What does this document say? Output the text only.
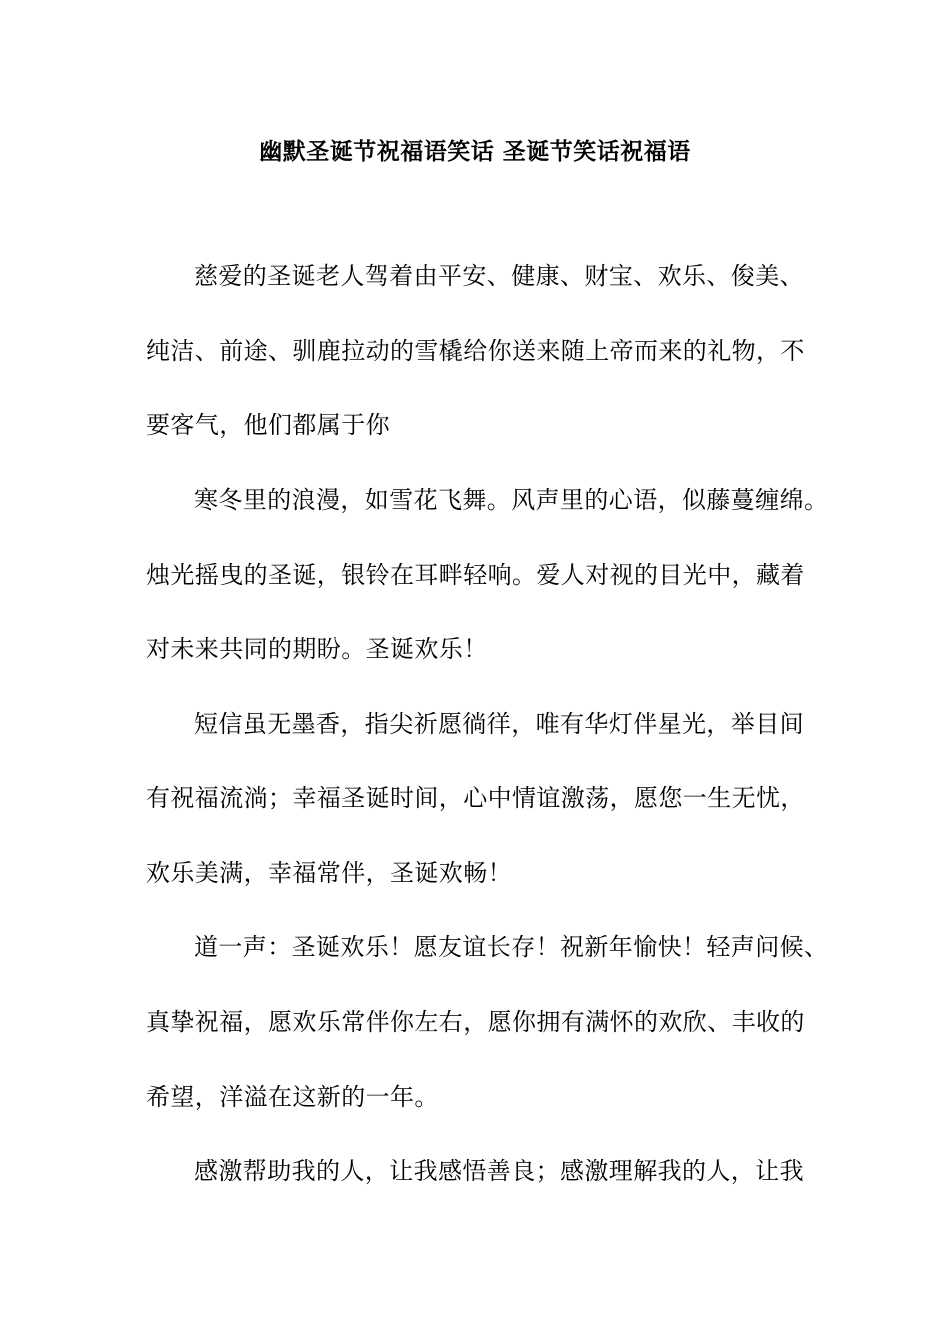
幽默圣诞节祝福语笑话 圣诞节笑话祝福语
慈爱的圣诞老人驾着由平安、健康、财宝、欢乐、俊美、
纯洁、前途、驯鹿拉动的雪橇给你送来随上帝而来的礼物，不
要客气，他们都属于你
寒冬里的浪漫，如雪花飞舞。风声里的心语，似藤蔓缠绵。
烛光摇曳的圣诞，银铃在耳畔轻响。爱人对视的目光中，藏着
对未来共同的期盼。圣诞欢乐！
短信虽无墨香，指尖祈愿徜徉，唯有华灯伴星光，举目间
有祝福流淌；幸福圣诞时间，心中情谊激荡，愿您一生无忧，
欢乐美满，幸福常伴，圣诞欢畅！
道一声：圣诞欢乐！愿友谊长存！祝新年愉快！轻声问候、
真挚祝福，愿欢乐常伴你左右，愿你拥有满怀的欢欣、丰收的
希望，洋溢在这新的一年。
感激帮助我的人，让我感悟善良；感激理解我的人，让我
